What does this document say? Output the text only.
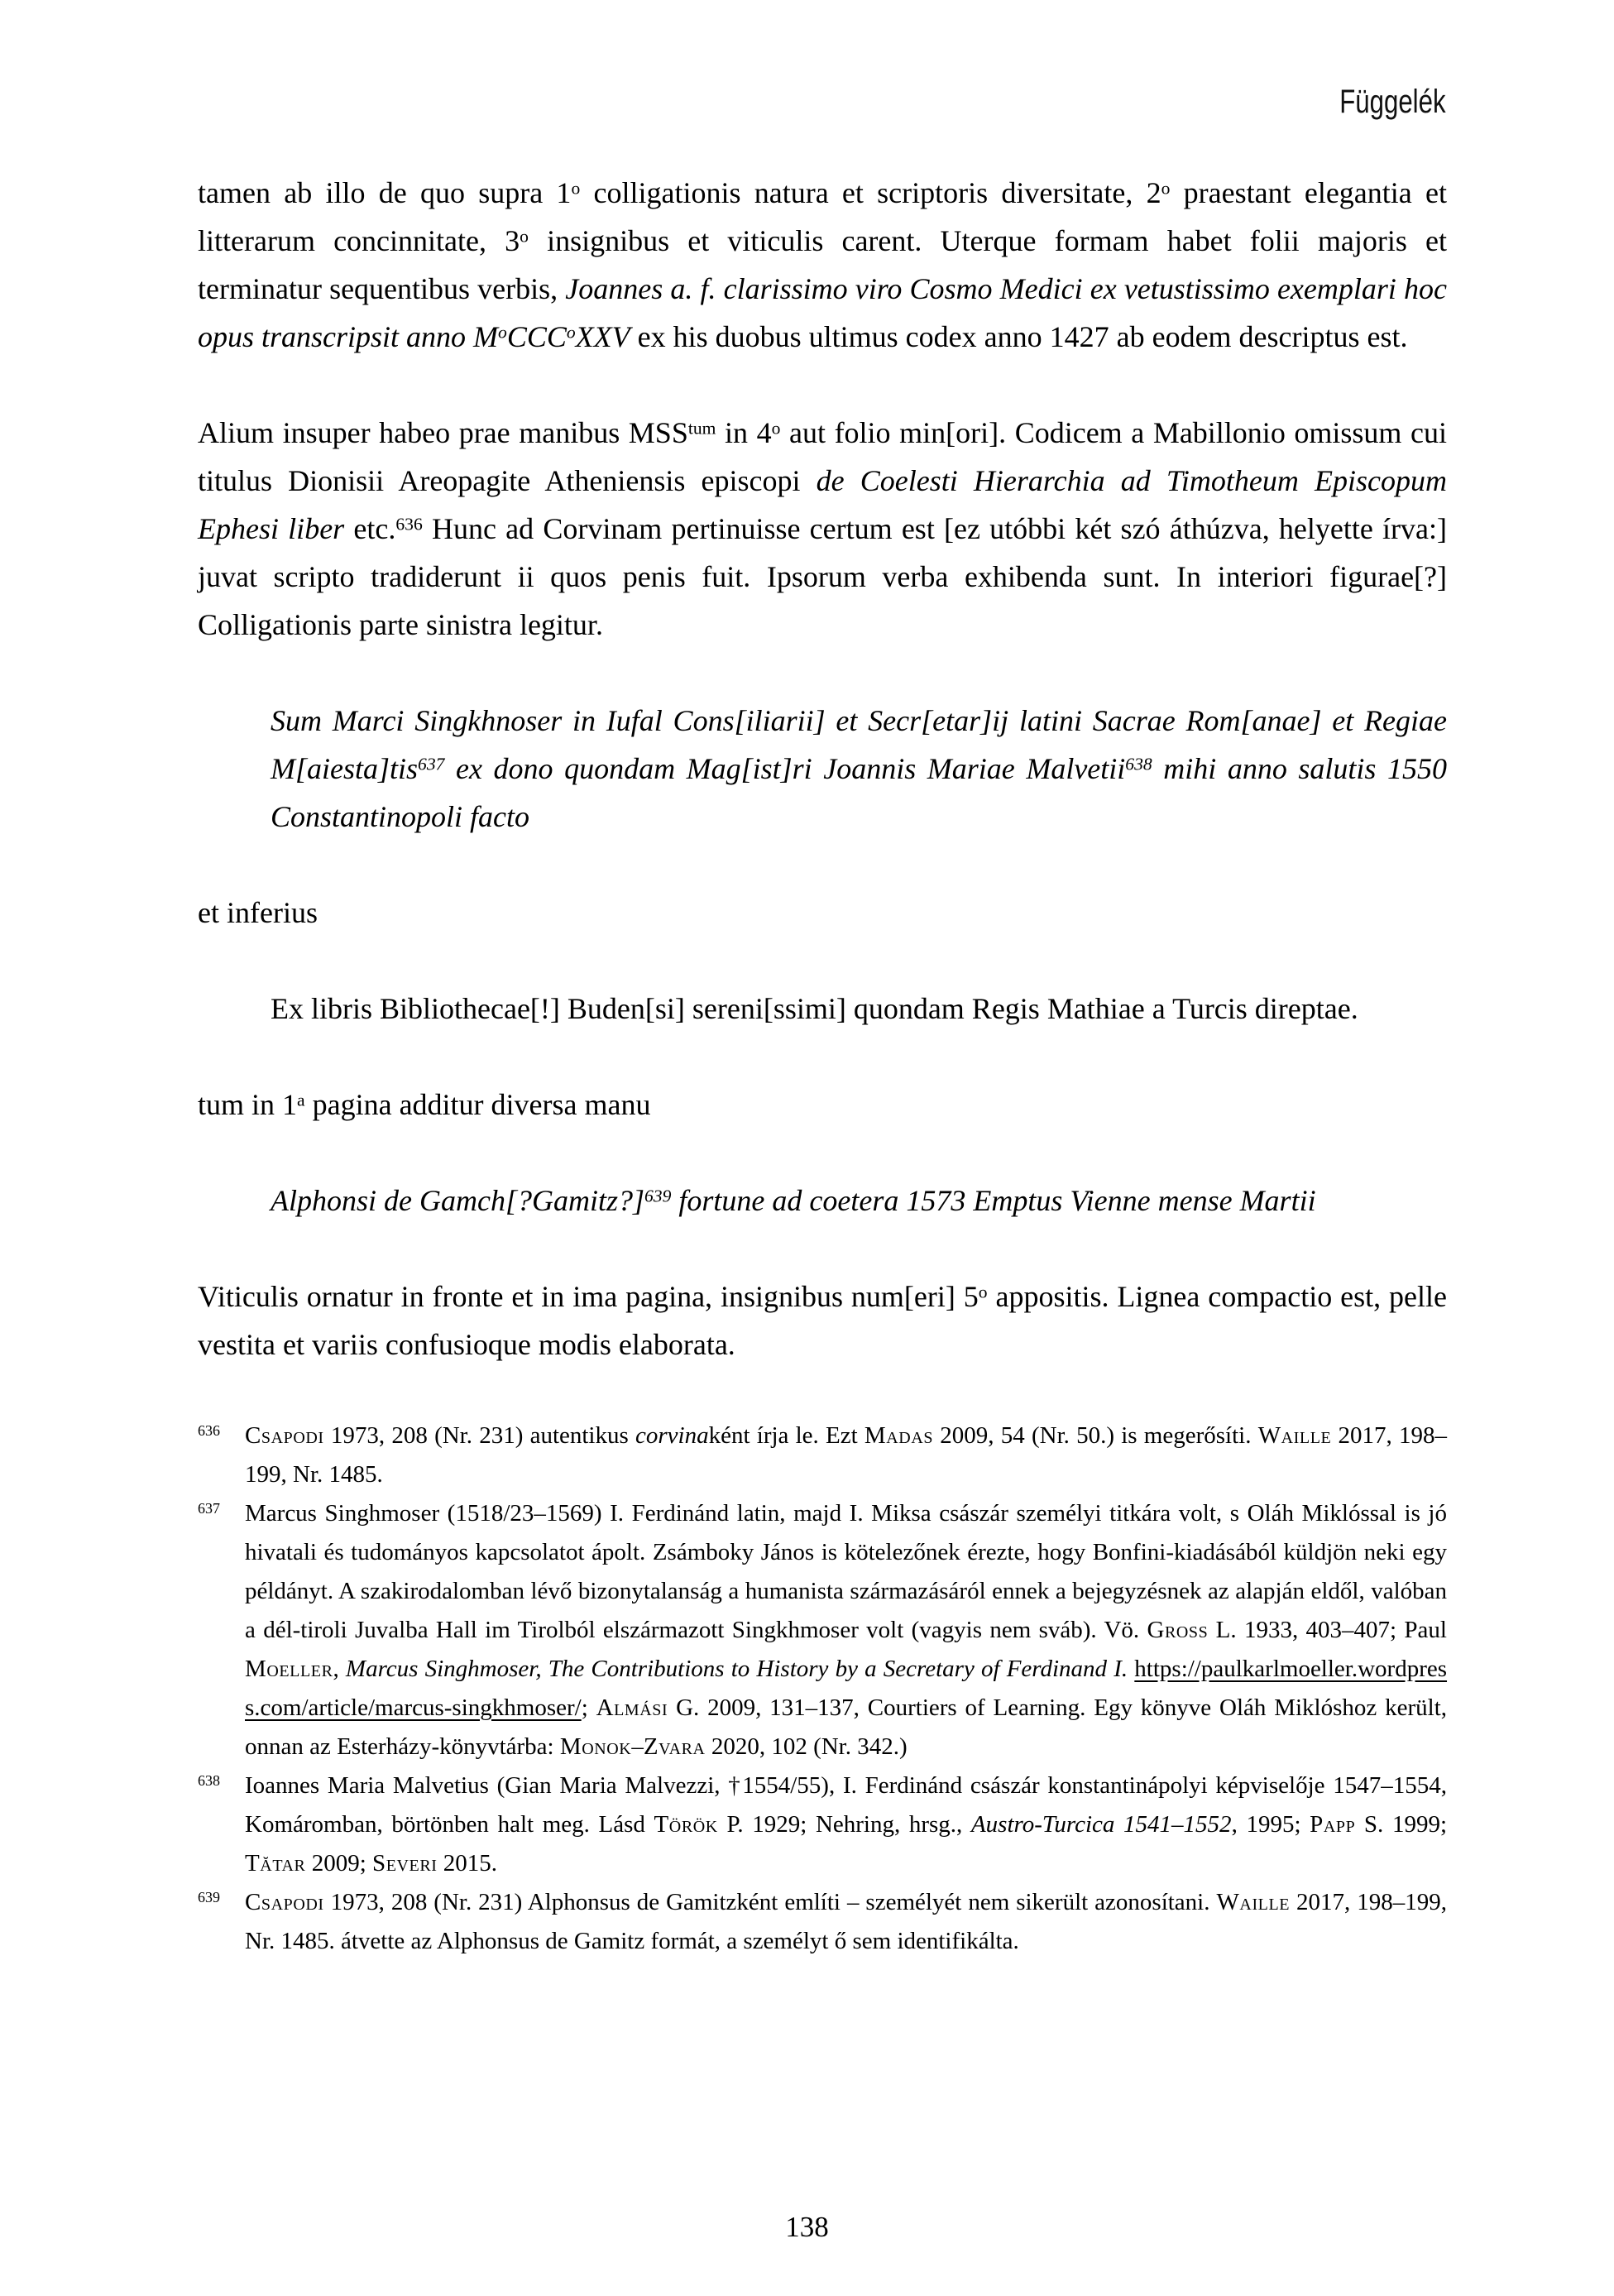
Függelék

tamen ab illo de quo supra 1$^o$ colligationis natura et scriptoris diversitate, 2$^o$ praestant elegantia et litterarum concinnitate, 3$^o$ insignibus et viticulis carent. Uterque formam habet folii majoris et terminatur sequentibus verbis, Joannes a. f. clarissimo viro Cosmo Medici ex vetustissimo exemplari hoc opus transcripsit anno $M^oCCC^oXXV$ ex his duobus ultimus codex anno 1427 ab eodem descriptus est.

Alium insuper habeo prae manibus $MSS^{tum}$ in 4$^o$ aut folio min[ori]. Codicem a Mabillonio omissum cui titulus Dionisii Areopagite Atheniensis episcopi de Coelesti Hierarchia ad Timotheum Episcopum Ephesi liber etc.$^{636}$ Hunc ad Corvinam pertinuisse certum est [ez utóbbi két szó áthúzva, helyette írva:] juvat scripto tradiderunt ii quos penis fuit. Ipsorum verba exhibenda sunt. In interiori figurae[?] Colligationis parte sinistra legitur.

Sum Marci Singkhnoser in Iufal Cons[iliarii] et Secr[etar]ij latini Sacrae Rom[anae] et Regiae M[aiesta]tis$^{637}$ ex dono quondam Mag[ist]ri Joannis Mariae Malvetii$^{638}$ mihi anno salutis 1550 Constantinopoli facto

et inferius

Ex libris Bibliothecae[!] Buden[si] sereni[ssimi] quondam Regis Mathiae a Turcis direptae.

tum in 1$^a$ pagina additur diversa manu

Alphonsi de Gamch[?Gamitz?]$^{639}$ fortune ad coetera 1573 Emptus Vienne mense Martii

Viticulis ornatur in fronte et in ima pagina, insignibus num[eri] 5$^o$ appositis. Lignea compactio est, pelle vestita et variis confusioque modis elaborata.

636 Csapodi 1973, 208 (Nr. 231) autentikus corvinaként írja le. Ezt Madas 2009, 54 (Nr. 50.) is megerősíti. Waille 2017, 198–199, Nr. 1485.
637 Marcus Singhmoser (1518/23–1569) I. Ferdinánd latin, majd I. Miksa császár személyi titkára volt, s Oláh Miklóssal is jó hivatali és tudományos kapcsolatot ápolt. Zsámboky János is kötelezőnek érezte, hogy Bonfini-kiadásából küldjön neki egy példányt. A szakirodalomban lévő bizonytalanság a humanista származásáról ennek a bejegyzésnek az alapján eldől, valóban a dél-tiroli Juvalba Hall im Tirolból elszármazott Singkhmoser volt (vagyis nem sváb). Vö. Gross L. 1933, 403–407; Paul Moeller, Marcus Singhmoser, The Contributions to History by a Secretary of Ferdinand I. https://paulkarlmoeller.wordpress.com/article/marcus-singkhmoser/; Almási G. 2009, 131–137, Courtiers of Learning. Egy könyve Oláh Miklóshoz került, onnan az Esterházy-könyvtárba: Monok–Zvara 2020, 102 (Nr. 342.)
638 Ioannes Maria Malvetius (Gian Maria Malvezzi, †1554/55), I. Ferdinánd császár konstantinápolyi képviselője 1547–1554, Komáromban, börtönben halt meg. Lásd Török P. 1929; Nehring, hrsg., Austro-Turcica 1541–1552, 1995; Papp S. 1999; Tătar 2009; Severi 2015.
639 Csapodi 1973, 208 (Nr. 231) Alphonsus de Gamitzként említi – személyét nem sikerült azonosítani. Waille 2017, 198–199, Nr. 1485. átvette az Alphonsus de Gamitz formát, a személyt ő sem identifikálta.
138
